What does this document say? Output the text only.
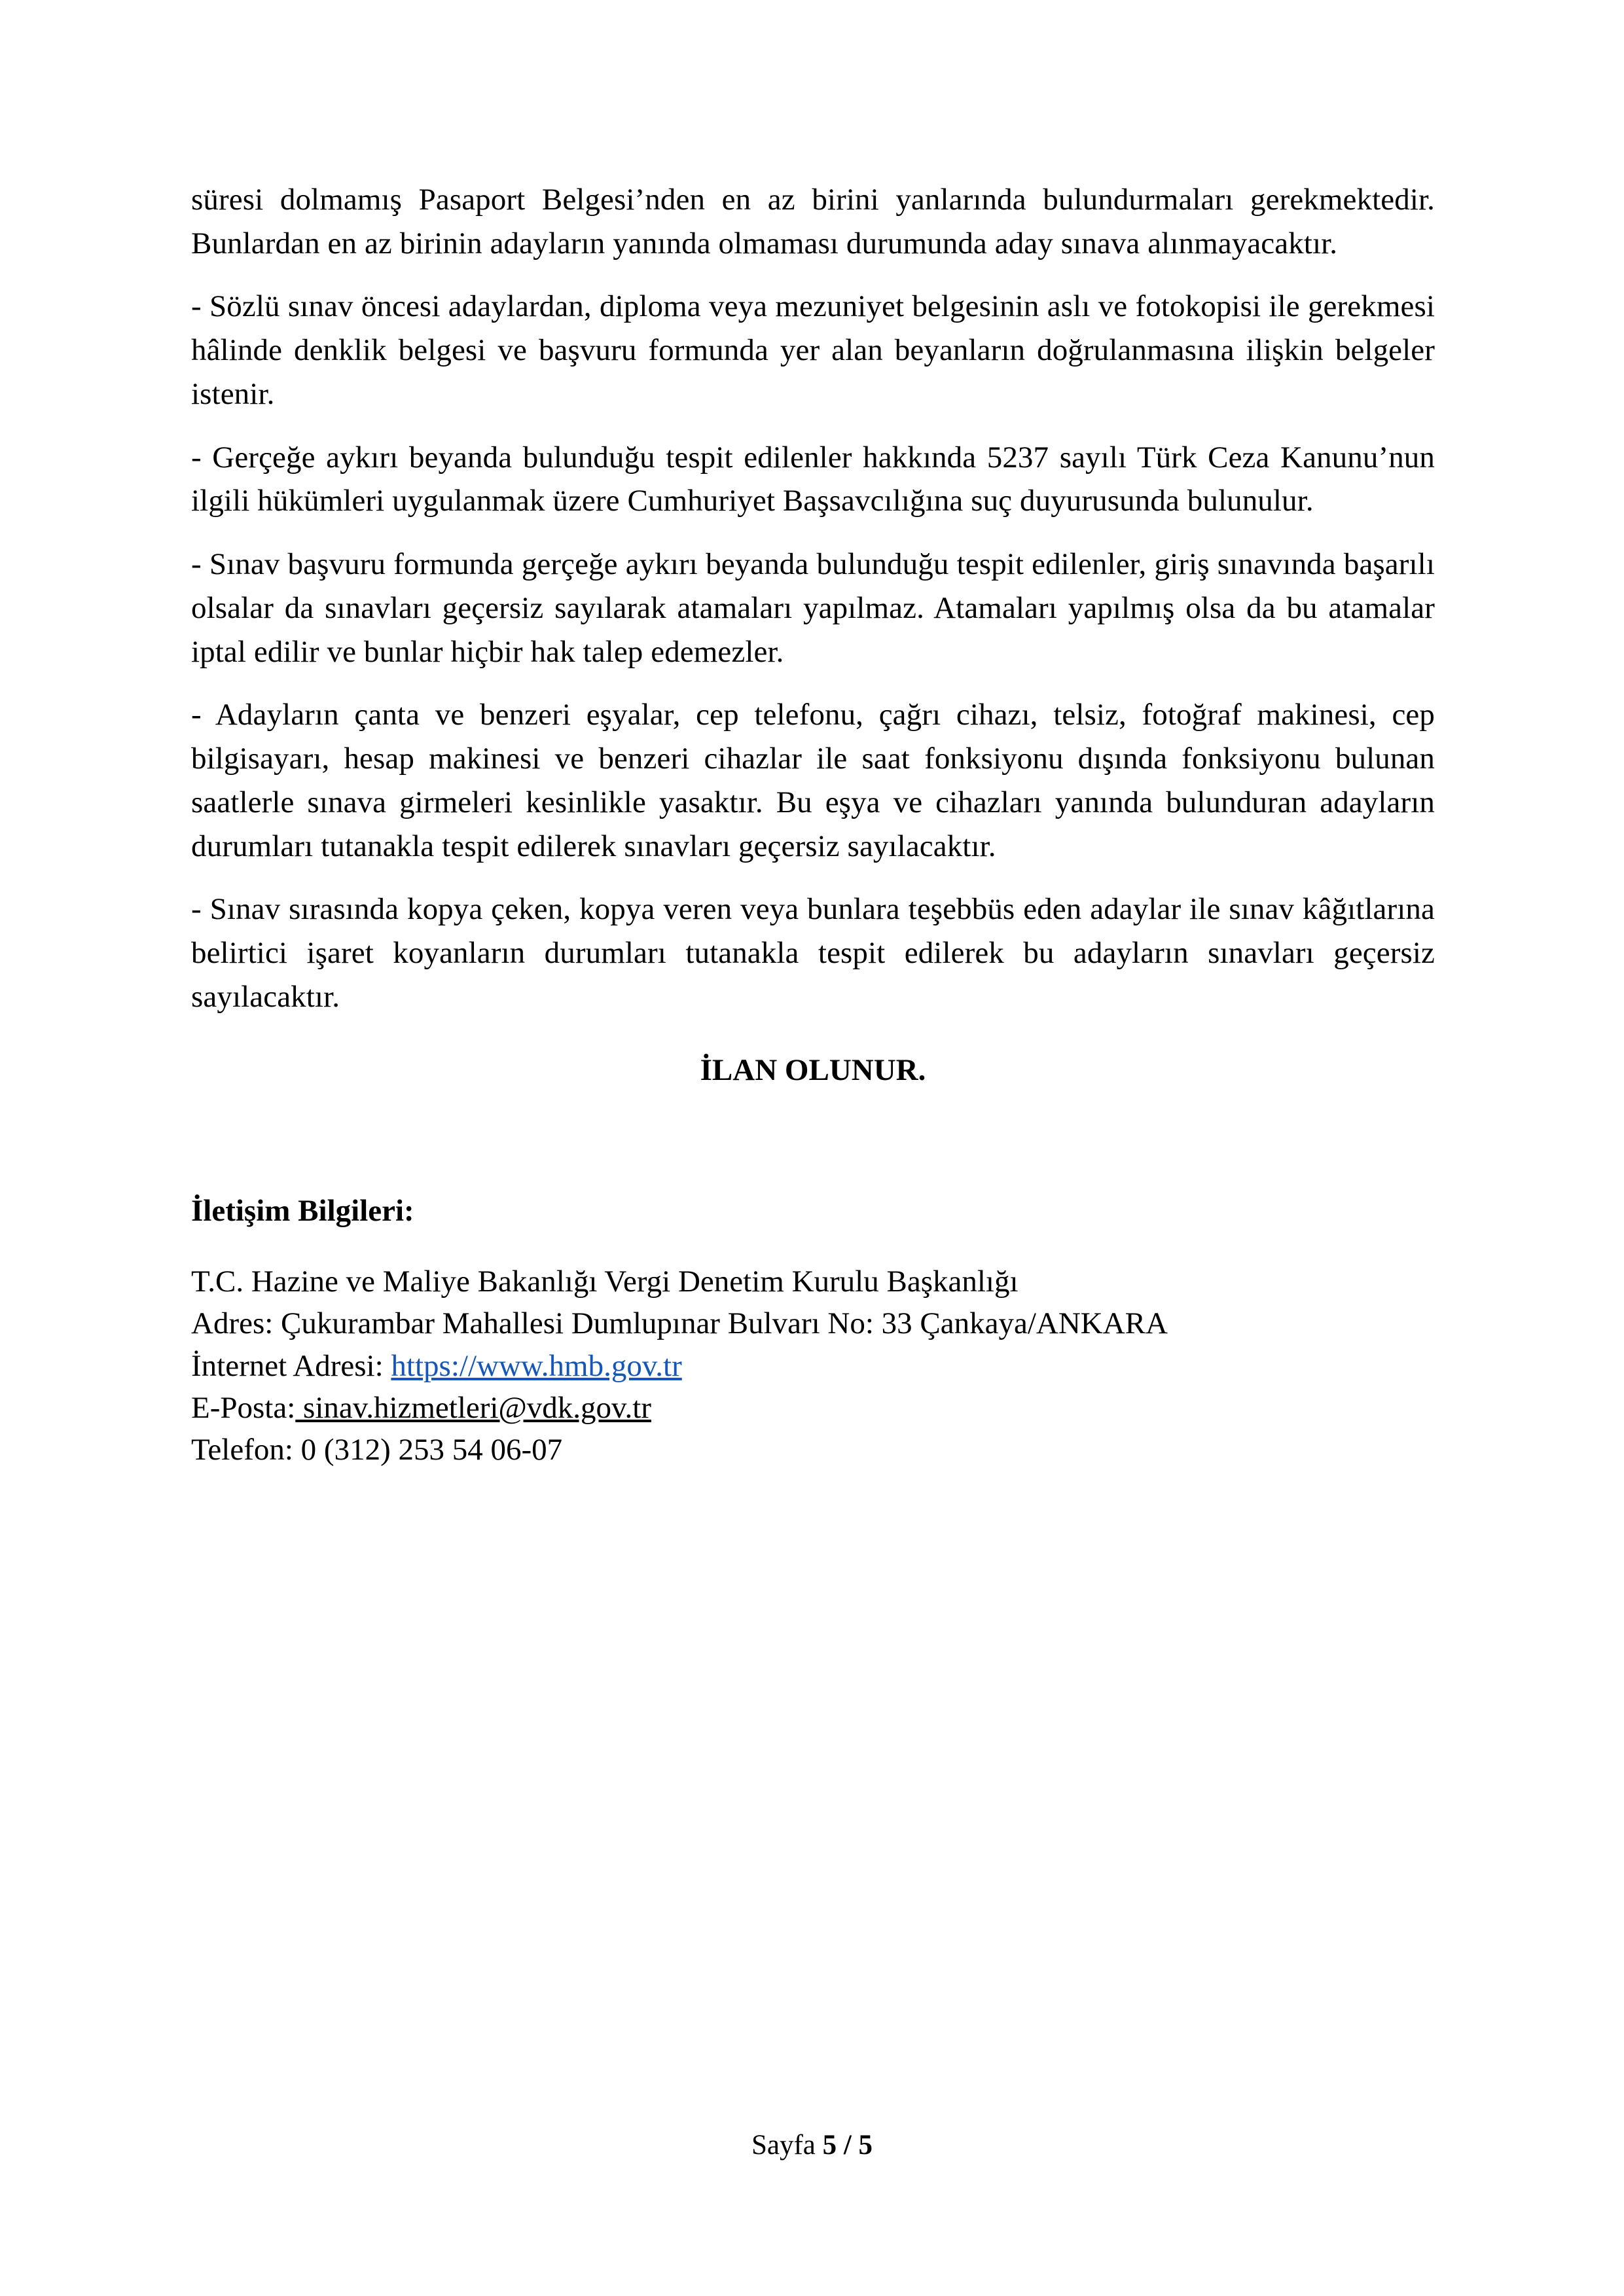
süresi dolmamış Pasaport Belgesi’nden en az birini yanlarında bulundurmaları gerekmektedir. Bunlardan en az birinin adayların yanında olmaması durumunda aday sınava alınmayacaktır.

- Sözlü sınav öncesi adaylardan, diploma veya mezuniyet belgesinin aslı ve fotokopisi ile gerekmesi hâlinde denklik belgesi ve başvuru formunda yer alan beyanların doğrulanmasına ilişkin belgeler istenir.

- Gerçeğe aykırı beyanda bulunduğu tespit edilenler hakkında 5237 sayılı Türk Ceza Kanunu’nun ilgili hükümleri uygulanmak üzere Cumhuriyet Başsavcılığına suç duyurusunda bulunulur.

- Sınav başvuru formunda gerçeğe aykırı beyanda bulunduğu tespit edilenler, giriş sınavında başarılı olsalar da sınavları geçersiz sayılarak atamaları yapılmaz. Atamaları yapılmış olsa da bu atamalar iptal edilir ve bunlar hiçbir hak talep edemezler.

- Adayların çanta ve benzeri eşyalar, cep telefonu, çağrı cihazı, telsiz, fotoğraf makinesi, cep bilgisayarı, hesap makinesi ve benzeri cihazlar ile saat fonksiyonu dışında fonksiyonu bulunan saatlerle sınava girmeleri kesinlikle yasaktır. Bu eşya ve cihazları yanında bulunduran adayların durumları tutanakla tespit edilerek sınavları geçersiz sayılacaktır.

- Sınav sırasında kopya çeken, kopya veren veya bunlara teşebbüs eden adaylar ile sınav kâğıtlarına belirtici işaret koyanların durumları tutanakla tespit edilerek bu adayların sınavları geçersiz sayılacaktır.

İLAN OLUNUR.

İletişim Bilgileri:

T.C. Hazine ve Maliye Bakanlığı Vergi Denetim Kurulu Başkanlığı
Adres: Çukurambar Mahallesi Dumlupınar Bulvarı No: 33 Çankaya/ANKARA
İnternet Adresi: https://www.hmb.gov.tr
E-Posta: sinav.hizmetleri@vdk.gov.tr
Telefon: 0 (312) 253 54 06-07
Sayfa 5 / 5
